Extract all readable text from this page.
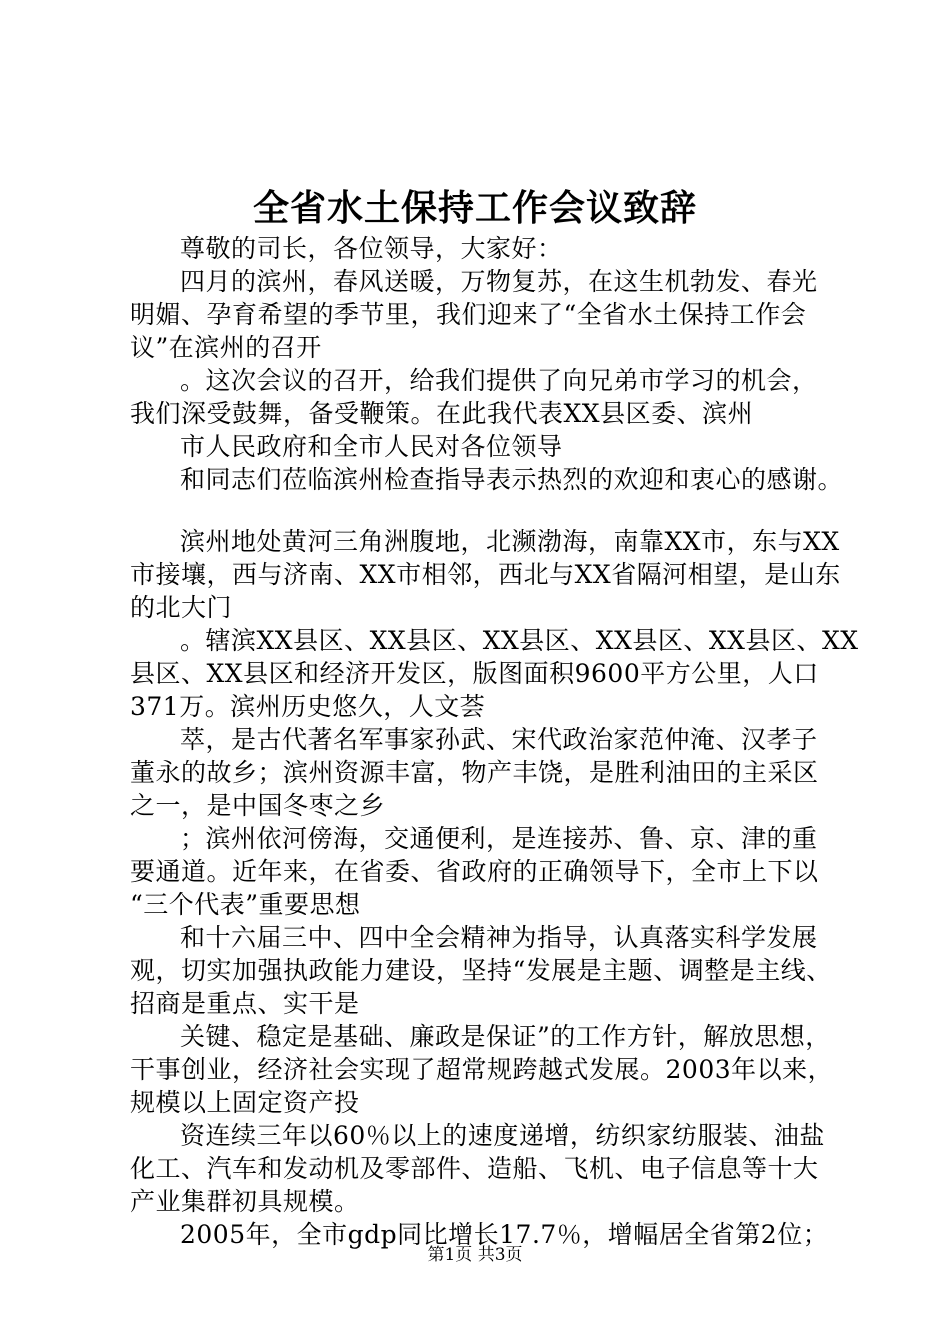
全省水土保持工作会议致辞
尊敬的司长，各位领导，大家好：
四月的滨州，春风送暖，万物复苏，在这生机勃发、春光
明媚、孕育希望的季节里，我们迎来了“全省水土保持工作会
议”在滨州的召开
。这次会议的召开，给我们提供了向兄弟市学习的机会，
我们深受鼓舞，备受鞭策。在此我代表XX县区委、滨州
市人民政府和全市人民对各位领导
和同志们莅临滨州检查指导表示热烈的欢迎和衷心的感谢。
滨州地处黄河三角洲腹地，北濒渤海，南靠XX市，东与XX
市接壤，西与济南、XX市相邻，西北与XX省隔河相望，是山东
的北大门
。辖滨XX县区、XX县区、XX县区、XX县区、XX县区、XX
县区、XX县区和经济开发区，版图面积9600平方公里，人口
371万。滨州历史悠久，人文荟
萃，是古代著名军事家孙武、宋代政治家范仲淹、汉孝子
董永的故乡；滨州资源丰富，物产丰饶，是胜利油田的主采区
之一，是中国冬枣之乡
；滨州依河傍海，交通便利，是连接苏、鲁、京、津的重
要通道。近年来，在省委、省政府的正确领导下，全市上下以
“三个代表”重要思想
和十六届三中、四中全会精神为指导，认真落实科学发展
观，切实加强执政能力建设，坚持“发展是主题、调整是主线、
招商是重点、实干是
关键、稳定是基础、廉政是保证”的工作方针，解放思想，
干事创业，经济社会实现了超常规跨越式发展。2003年以来，
规模以上固定资产投
资连续三年以60％以上的速度递增，纺织家纺服装、油盐
化工、汽车和发动机及零部件、造船、飞机、电子信息等十大
产业集群初具规模。
2005年，全市gdp同比增长17.7％，增幅居全省第2位；
第1页 共3页
